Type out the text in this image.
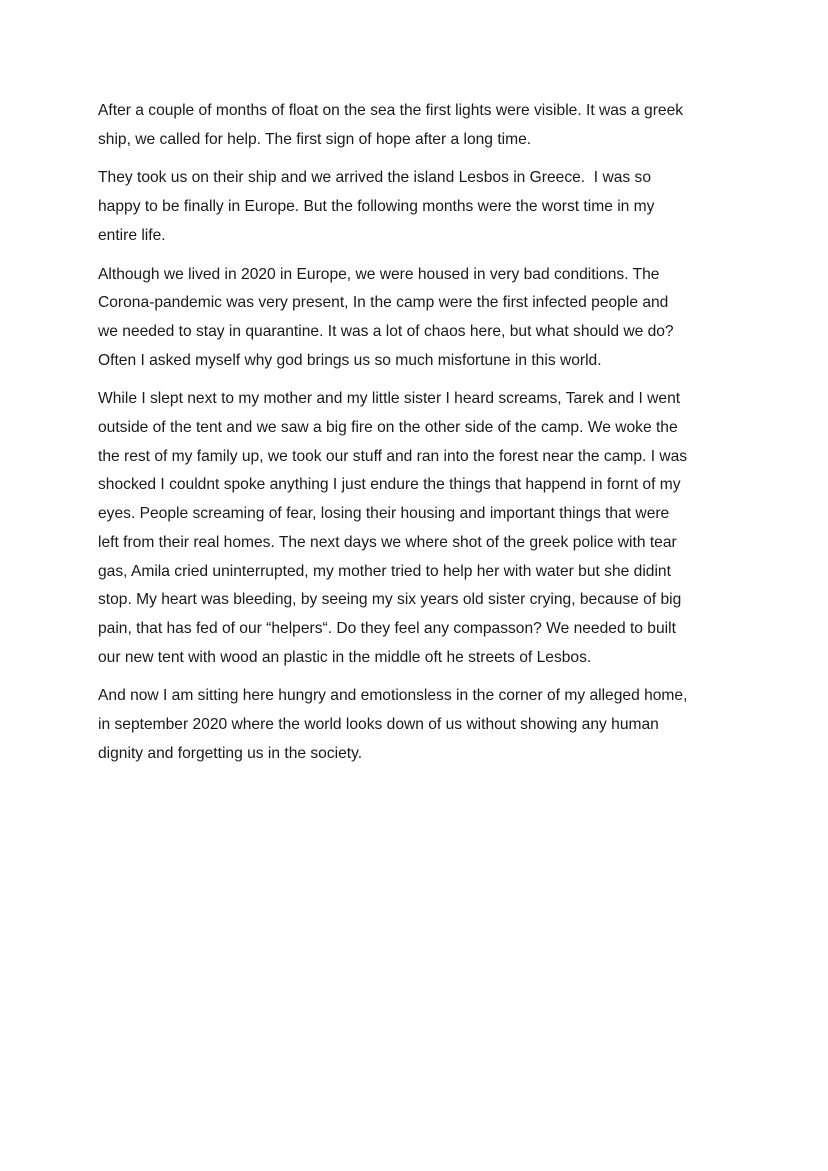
After a couple of months of float on the sea the first lights were visible. It was a greek
ship, we called for help. The first sign of hope after a long time.

They took us on their ship and we arrived the island Lesbos in Greece.  I was so
happy to be finally in Europe. But the following months were the worst time in my
entire life.

Although we lived in 2020 in Europe, we were housed in very bad conditions. The
Corona-pandemic was very present, In the camp were the first infected people and
we needed to stay in quarantine. It was a lot of chaos here, but what should we do?
Often I asked myself why god brings us so much misfortune in this world.

While I slept next to my mother and my little sister I heard screams, Tarek and I went
outside of the tent and we saw a big fire on the other side of the camp. We woke the
the rest of my family up, we took our stuff and ran into the forest near the camp. I was
shocked I couldnt spoke anything I just endure the things that happend in fornt of my
eyes. People screaming of fear, losing their housing and important things that were
left from their real homes. The next days we where shot of the greek police with tear
gas, Amila cried uninterrupted, my mother tried to help her with water but she didint
stop. My heart was bleeding, by seeing my six years old sister crying, because of big
pain, that has fed of our “helpers“. Do they feel any compasson? We needed to built
our new tent with wood an plastic in the middle oft he streets of Lesbos.

And now I am sitting here hungry and emotionsless in the corner of my alleged home,
in september 2020 where the world looks down of us without showing any human
dignity and forgetting us in the society.
